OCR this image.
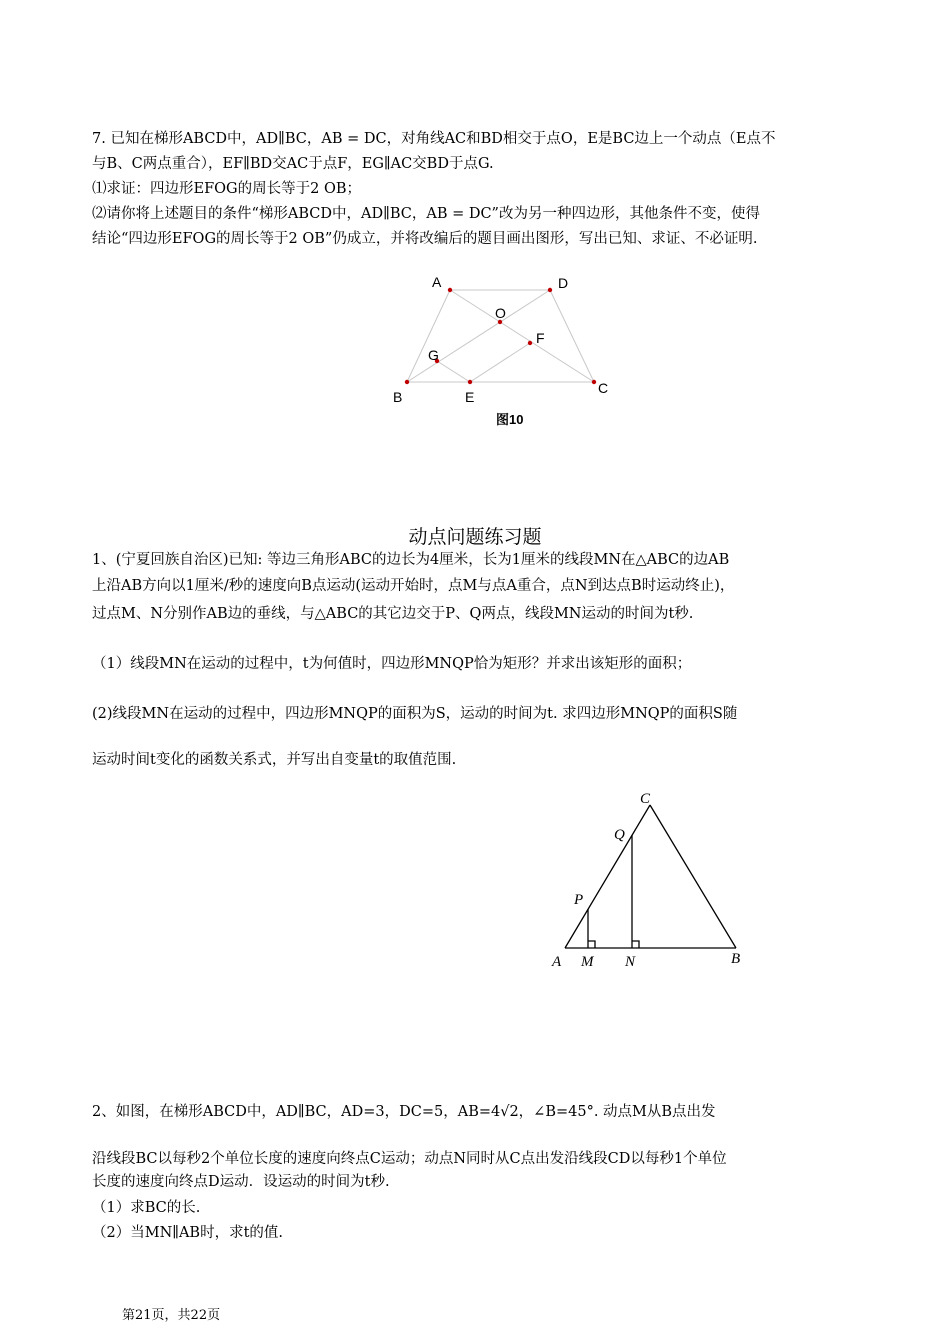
7. 已知在梯形ABCD中，AD∥BC，AB = DC，对角线AC和BD相交于点O，E是BC边上一个动点（E点不
与B、C两点重合），EF∥BD交AC于点F，EG∥AC交BD于点G.
⑴求证：四边形EFOG的周长等于2 OB；
⑵请你将上述题目的条件“梯形ABCD中，AD∥BC，AB = DC”改为另一种四边形，其他条件不变，使得
结论“四边形EFOG的周长等于2 OB”仍成立，并将改编后的题目画出图形，写出已知、求证、不必证明.
A	D
O
F
G
B	E
C
图10
动点问题练习题
1、(宁夏回族自治区)已知: 等边三角形ABC的边长为4厘米，长为1厘米的线段MN在△ABC的边AB
上沿AB方向以1厘米/秒的速度向B点运动(运动开始时，点M与点A重合，点N到达点B时运动终止)，
过点M、N分别作AB边的垂线，与△ABC的其它边交于P、Q两点，线段MN运动的时间为t秒.
（1）线段MN在运动的过程中，t为何值时，四边形MNQP恰为矩形？并求出该矩形的面积；
(2)线段MN在运动的过程中，四边形MNQP的面积为S，运动的时间为t. 求四边形MNQP的面积S随
运动时间t变化的函数关系式，并写出自变量t的取值范围.
C
Q
P
A M N	B
2、如图，在梯形ABCD中，AD∥BC，AD=3，DC=5，AB=4√2，∠B=45°. 动点M从B点出发
沿线段BC以每秒2个单位长度的速度向终点C运动；动点N同时从C点出发沿线段CD以每秒1个单位
长度的速度向终点D运动．设运动的时间为t秒.
（1）求BC的长.
（2）当MN∥AB时，求t的值.
第21页，共22页
